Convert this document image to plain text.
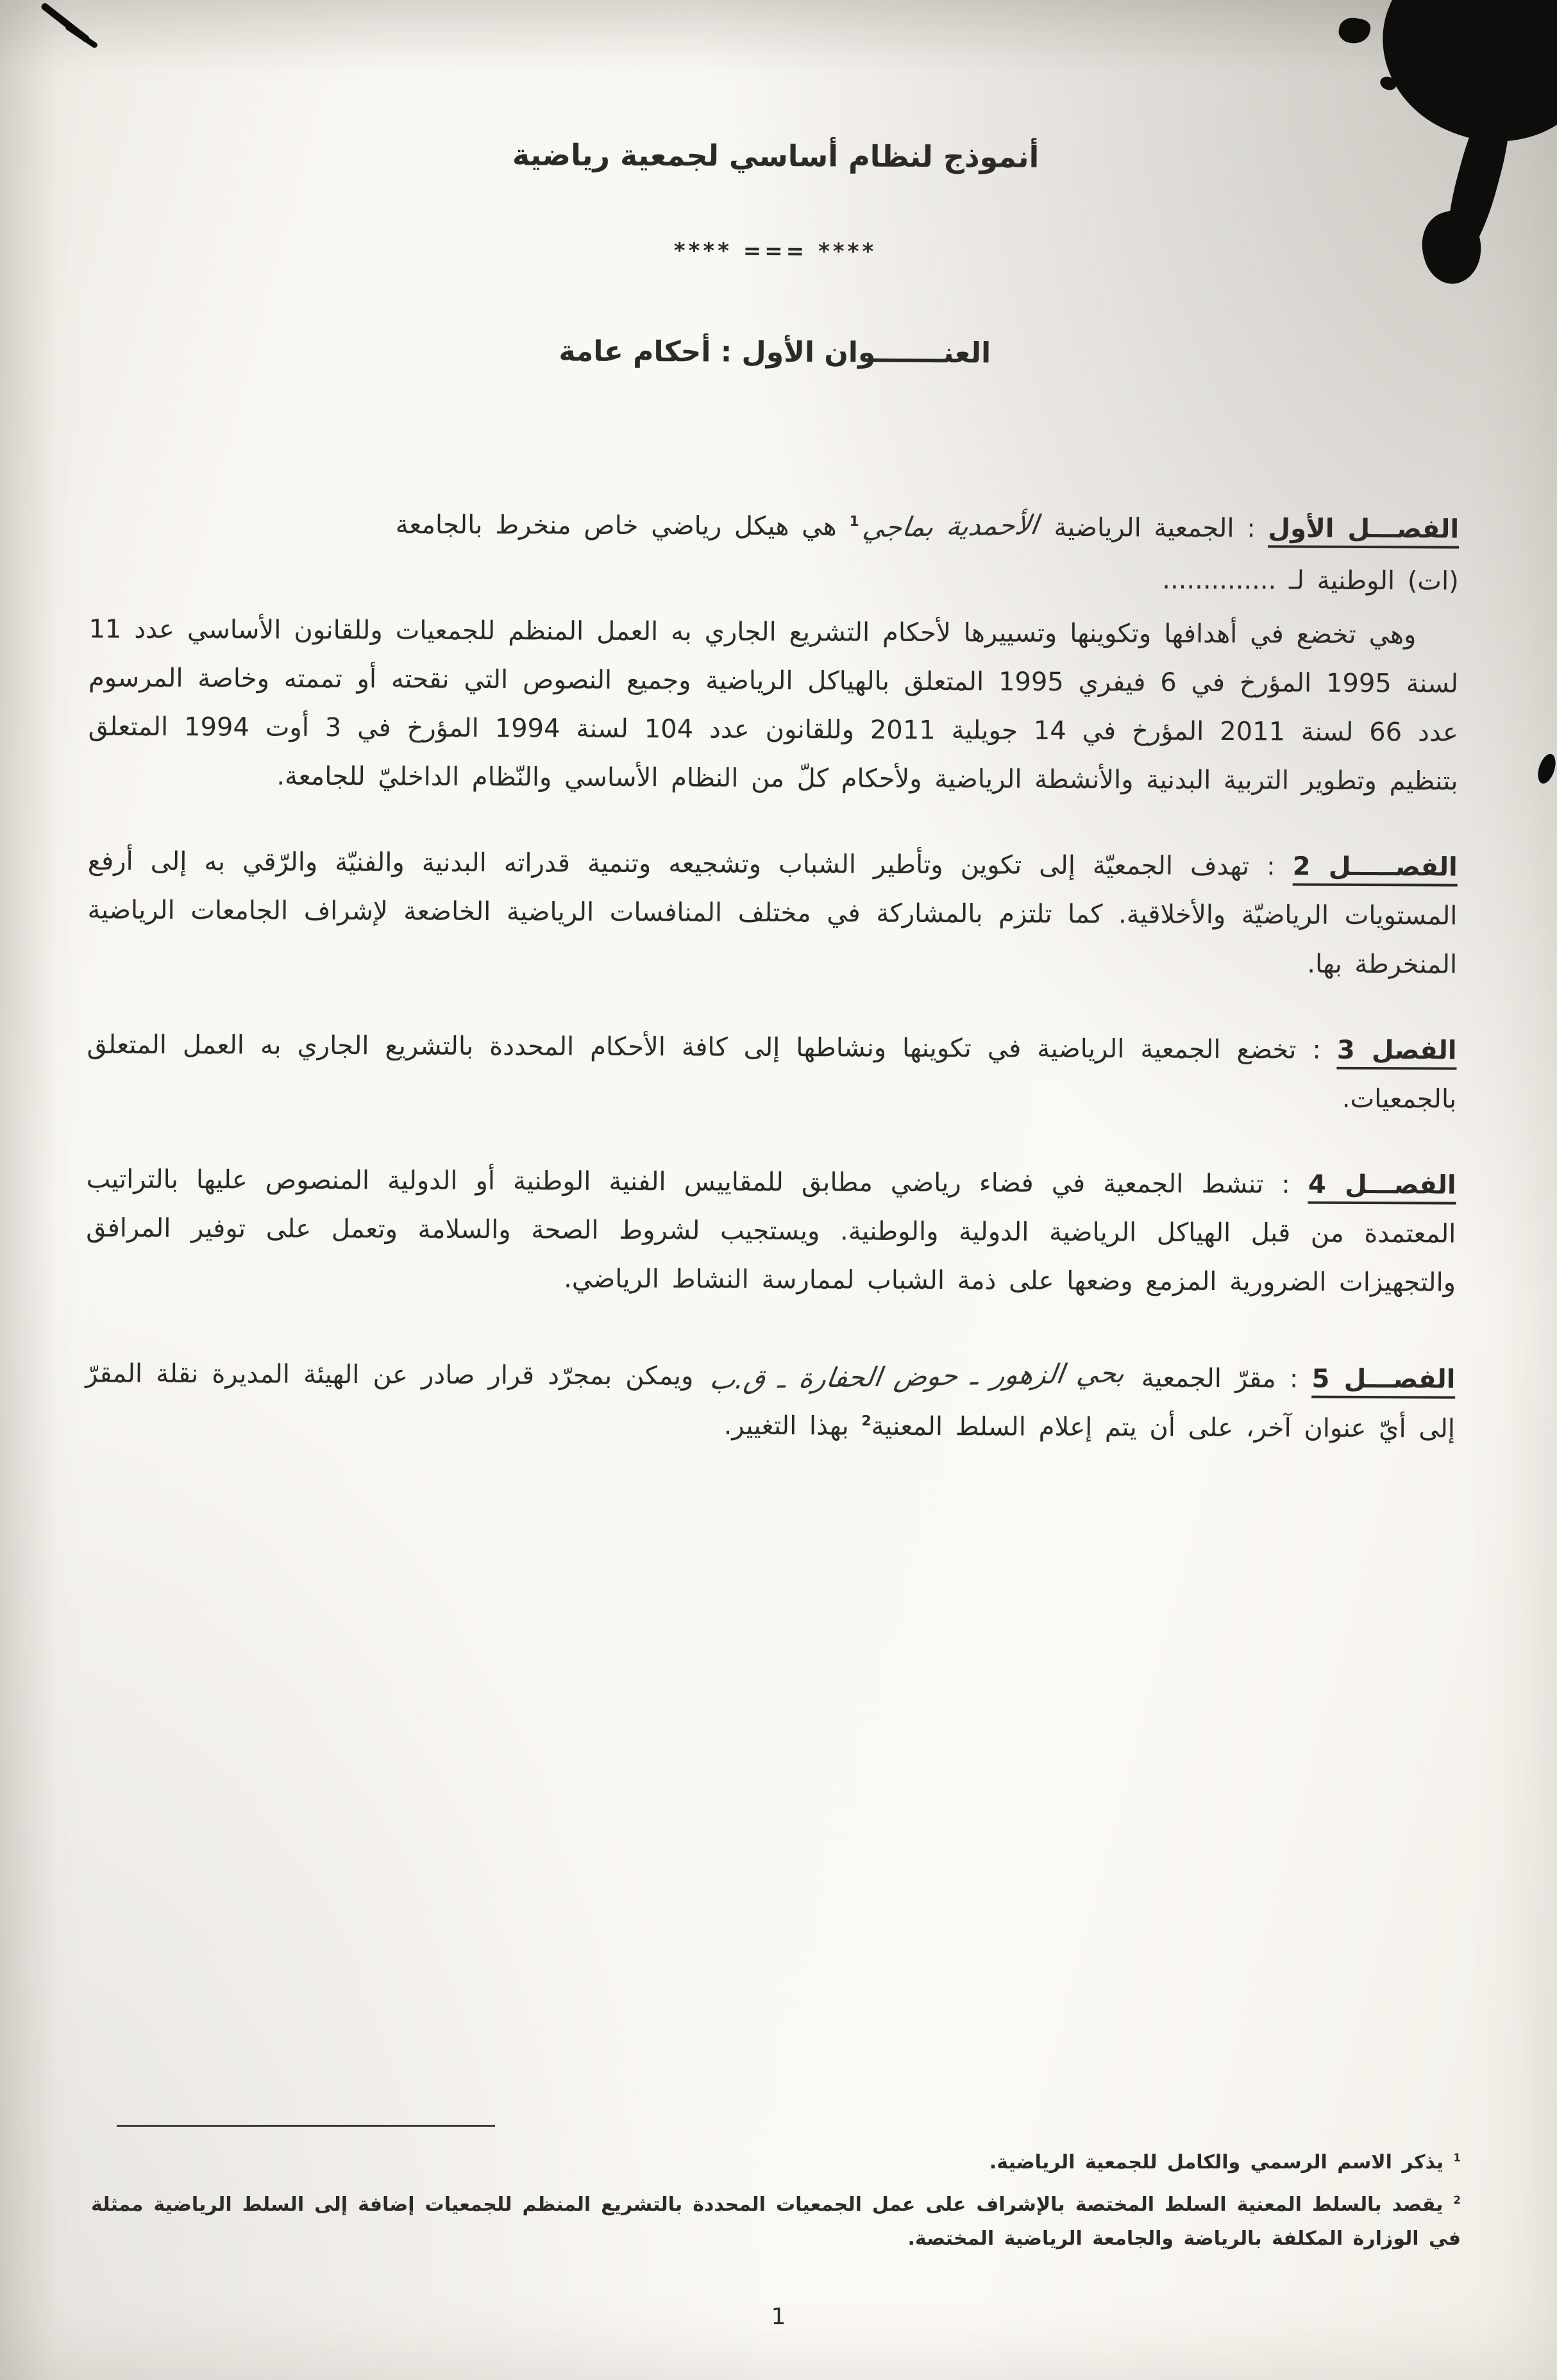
أنموذج لنظام أساسي لجمعية رياضية
**** === ****
العنـــــــوان الأول : أحكام عامة

الفصـــل الأول : الجمعية الرياضية الأحمدية بماجي$^1$ هي هيكل رياضي خاص منخرط بالجامعة

(ات) الوطنية لـ ..............

وهي تخضع في أهدافها وتكوينها وتسييرها لأحكام التشريع الجاري به العمل المنظم للجمعيات وللقانون الأساسي عدد 11 لسنة 1995 المؤرخ في 6 فيفري 1995 المتعلق بالهياكل الرياضية وجميع النصوص التي نقحته أو تممته وخاصة المرسوم عدد 66 لسنة 2011 المؤرخ في 14 جويلية 2011 وللقانون عدد 104 لسنة 1994 المؤرخ في 3 أوت 1994 المتعلق بتنظيم وتطوير التربية البدنية والأنشطة الرياضية ولأحكام كلّ من النظام الأساسي والنّظام الداخليّ للجامعة.

الفصـــــل 2 : تهدف الجمعيّة إلى تكوين وتأطير الشباب وتشجيعه وتنمية قدراته البدنية والفنيّة والرّقي به إلى أرفع المستويات الرياضيّة والأخلاقية. كما تلتزم بالمشاركة في مختلف المنافسات الرياضية الخاضعة لإشراف الجامعات الرياضية المنخرطة بها.

الفصل 3 : تخضع الجمعية الرياضية في تكوينها ونشاطها إلى كافة الأحكام المحددة بالتشريع الجاري به العمل المتعلق بالجمعيات.

الفصـــل 4 : تنشط الجمعية في فضاء رياضي مطابق للمقاييس الفنية الوطنية أو الدولية المنصوص عليها بالتراتيب المعتمدة من قبل الهياكل الرياضية الدولية والوطنية. ويستجيب لشروط الصحة والسلامة وتعمل على توفير المرافق والتجهيزات الضرورية المزمع وضعها على ذمة الشباب لممارسة النشاط الرياضي.

الفصـــل 5 : مقرّ الجمعية بحي الزهور ـ حوض الحفارة ـ ق.ب ويمكن بمجرّد قرار صادر عن الهيئة المديرة نقلة المقرّ إلى أيّ عنوان آخر، على أن يتم إعلام السلط المعنية$^2$ بهذا التغيير.

$^1$ يذكر الاسم الرسمي والكامل للجمعية الرياضية.

$^2$ يقصد بالسلط المعنية السلط المختصة بالإشراف على عمل الجمعيات المحددة بالتشريع المنظم للجمعيات إضافة إلى السلط الرياضية ممثلة في الوزارة المكلفة بالرياضة والجامعة الرياضية المختصة.

1
